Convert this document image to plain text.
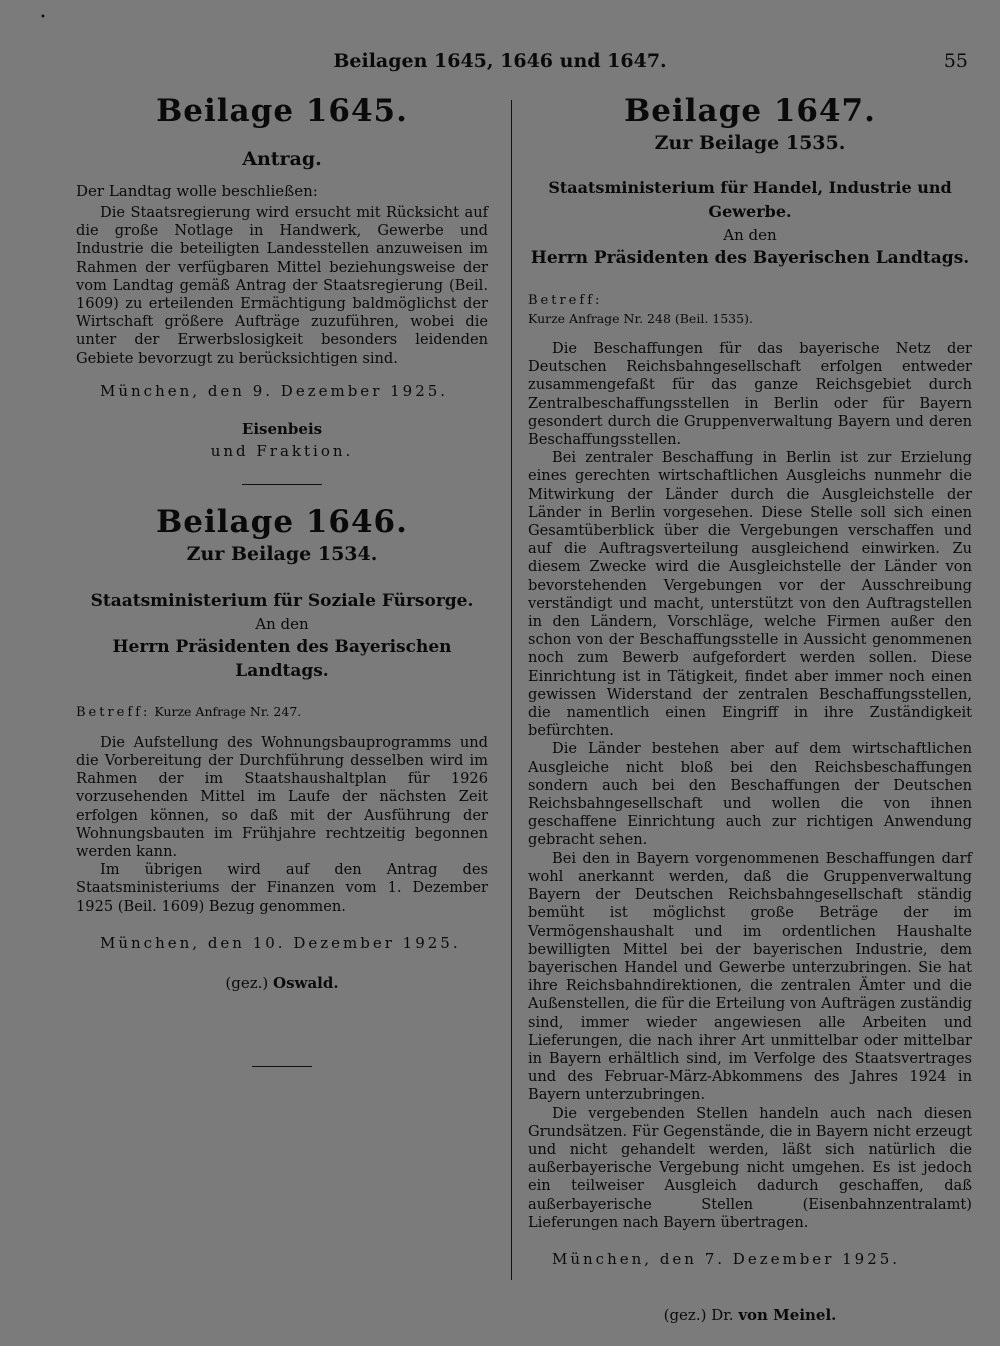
•
Beilagen 1645, 1646 und 1647.	55
Beilage 1645.
Antrag.

Der Landtag wolle beschließen:

Die Staatsregierung wird ersucht mit Rücksicht auf die große Notlage in Handwerk, Gewerbe und Industrie die beteiligten Landesstellen anzuweisen im Rahmen der verfügbaren Mittel beziehungsweise der vom Landtag gemäß Antrag der Staatsregierung (Beil. 1609) zu erteilenden Ermächtigung baldmöglichst der Wirtschaft größere Aufträge zuzuführen, wobei die unter der Erwerbslosigkeit besonders leidenden Gebiete bevorzugt zu berücksichtigen sind.

München, den 9. Dezember 1925.

Eisenbeis

und Fraktion.

Beilage 1646.
Zur Beilage 1534.

Staatsministerium für Soziale Fürsorge.

An den

Herrn Präsidenten des Bayerischen Landtags.

Betreff: Kurze Anfrage Nr. 247.

Die Aufstellung des Wohnungsbauprogramms und die Vorbereitung der Durchführung desselben wird im Rahmen der im Staatshaushaltplan für 1926 vorzusehenden Mittel im Laufe der nächsten Zeit erfolgen können, so daß mit der Ausführung der Wohnungsbauten im Frühjahre rechtzeitig begonnen werden kann.

Im übrigen wird auf den Antrag des Staatsministeriums der Finanzen vom 1. Dezember 1925 (Beil. 1609) Bezug genommen.

München, den 10. Dezember 1925.

(gez.) Oswald.

Beilage 1647.
Zur Beilage 1535.

Staatsministerium für Handel, Industrie und Gewerbe.

An den

Herrn Präsidenten des Bayerischen Landtags.

Betreff:

Kurze Anfrage Nr. 248 (Beil. 1535).

Die Beschaffungen für das bayerische Netz der Deutschen Reichsbahngesellschaft erfolgen entweder zusammengefaßt für das ganze Reichsgebiet durch Zentralbeschaffungsstellen in Berlin oder für Bayern gesondert durch die Gruppenverwaltung Bayern und deren Beschaffungsstellen.

Bei zentraler Beschaffung in Berlin ist zur Erzielung eines gerechten wirtschaftlichen Ausgleichs nunmehr die Mitwirkung der Länder durch die Ausgleichstelle der Länder in Berlin vorgesehen. Diese Stelle soll sich einen Gesamtüberblick über die Vergebungen verschaffen und auf die Auftragsverteilung ausgleichend einwirken. Zu diesem Zwecke wird die Ausgleichstelle der Länder von bevorstehenden Vergebungen vor der Ausschreibung verständigt und macht, unterstützt von den Auftragstellen in den Ländern, Vorschläge, welche Firmen außer den schon von der Beschaffungsstelle in Aussicht genommenen noch zum Bewerb aufgefordert werden sollen. Diese Einrichtung ist in Tätigkeit, findet aber immer noch einen gewissen Widerstand der zentralen Beschaffungsstellen, die namentlich einen Eingriff in ihre Zuständigkeit befürchten.

Die Länder bestehen aber auf dem wirtschaftlichen Ausgleiche nicht bloß bei den Reichsbeschaffungen sondern auch bei den Beschaffungen der Deutschen Reichsbahngesellschaft und wollen die von ihnen geschaffene Einrichtung auch zur richtigen Anwendung gebracht sehen.

Bei den in Bayern vorgenommenen Beschaffungen darf wohl anerkannt werden, daß die Gruppenverwaltung Bayern der Deutschen Reichsbahngesellschaft ständig bemüht ist möglichst große Beträge der im Vermögenshaushalt und im ordentlichen Haushalte bewilligten Mittel bei der bayerischen Industrie, dem bayerischen Handel und Gewerbe unterzubringen. Sie hat ihre Reichsbahndirektionen, die zentralen Ämter und die Außenstellen, die für die Erteilung von Aufträgen zuständig sind, immer wieder angewiesen alle Arbeiten und Lieferungen, die nach ihrer Art unmittelbar oder mittelbar in Bayern erhältlich sind, im Verfolge des Staatsvertrages und des Februar-März-Abkommens des Jahres 1924 in Bayern unterzubringen.

Die vergebenden Stellen handeln auch nach diesen Grundsätzen. Für Gegenstände, die in Bayern nicht erzeugt und nicht gehandelt werden, läßt sich natürlich die außerbayerische Vergebung nicht umgehen. Es ist jedoch ein teilweiser Ausgleich dadurch geschaffen, daß außerbayerische Stellen (Eisenbahnzentralamt) Lieferungen nach Bayern übertragen.

München, den 7. Dezember 1925.

(gez.) Dr. von Meinel.
